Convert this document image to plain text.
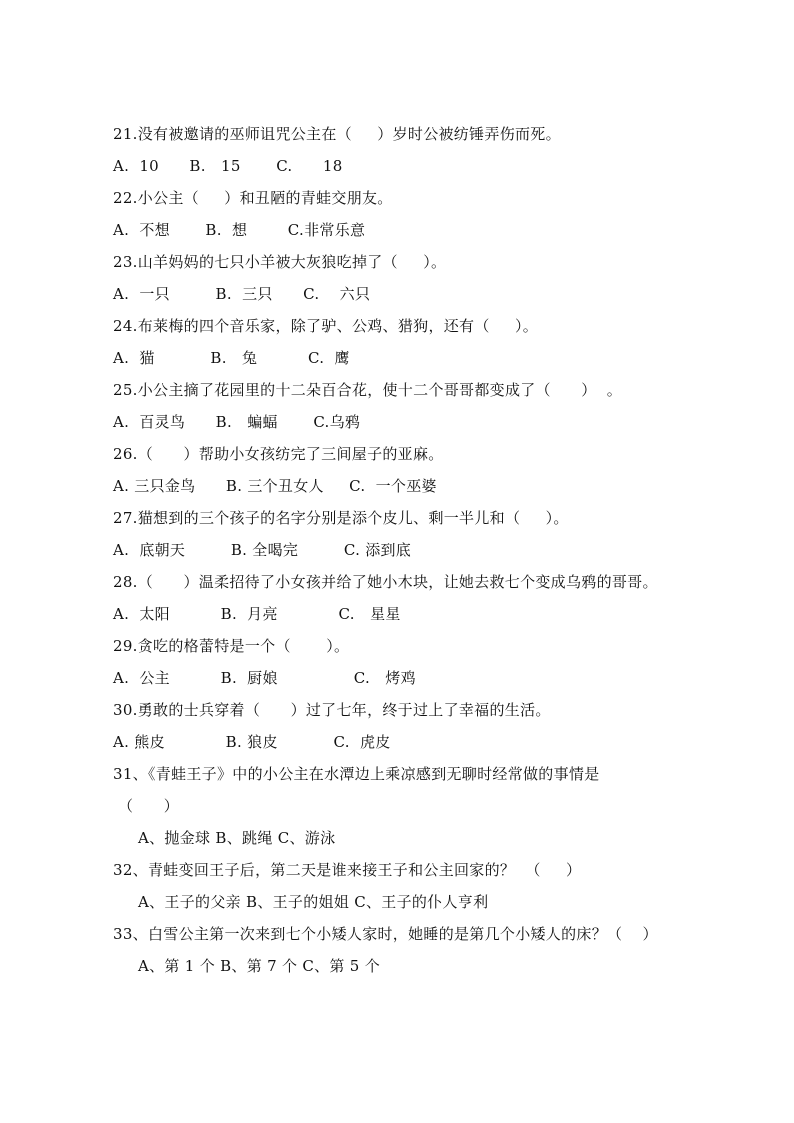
21.没有被邀请的巫师诅咒公主在（     ）岁时公被纺锤弄伤而死。
A.  10      B.   15       C.      18
22.小公主（     ）和丑陋的青蛙交朋友。
A.  不想       B.  想        C.非常乐意
23.山羊妈妈的七只小羊被大灰狼吃掉了（     ）。
A.  一只         B.  三只      C.    六只
24.布莱梅的四个音乐家，除了驴、公鸡、猎狗，还有（     ）。
A.  猫           B.   兔          C.  鹰
25.小公主摘了花园里的十二朵百合花，使十二个哥哥都变成了（      ）  。
A.  百灵鸟      B.   蝙蝠       C.乌鸦
26.（      ）帮助小女孩纺完了三间屋子的亚麻。
A. 三只金鸟      B. 三个丑女人     C.  一个巫婆
27.猫想到的三个孩子的名字分别是添个皮儿、剩一半儿和（     ）。
A.  底朝天         B. 全喝完         C. 添到底
28.（      ）温柔招待了小女孩并给了她小木块，让她去救七个变成乌鸦的哥哥。
A.  太阳          B.  月亮            C.   星星
29.贪吃的格蕾特是一个（       ）。
A.  公主          B.  厨娘               C.   烤鸡
30.勇敢的士兵穿着（      ）过了七年，终于过上了幸福的生活。
A. 熊皮            B. 狼皮           C.  虎皮
31、《青蛙王子》中的小公主在水潭边上乘凉感到无聊时经常做的事情是
（      ）
A、抛金球 B、跳绳 C、游泳
32、青蛙变回王子后，第二天是谁来接王子和公主回家的？  （     ）
A、王子的父亲 B、王子的姐姐 C、王子的仆人亨利
33、白雪公主第一次来到七个小矮人家时，她睡的是第几个小矮人的床？（    ）
A、第 1 个 B、第 7 个 C、第 5 个
